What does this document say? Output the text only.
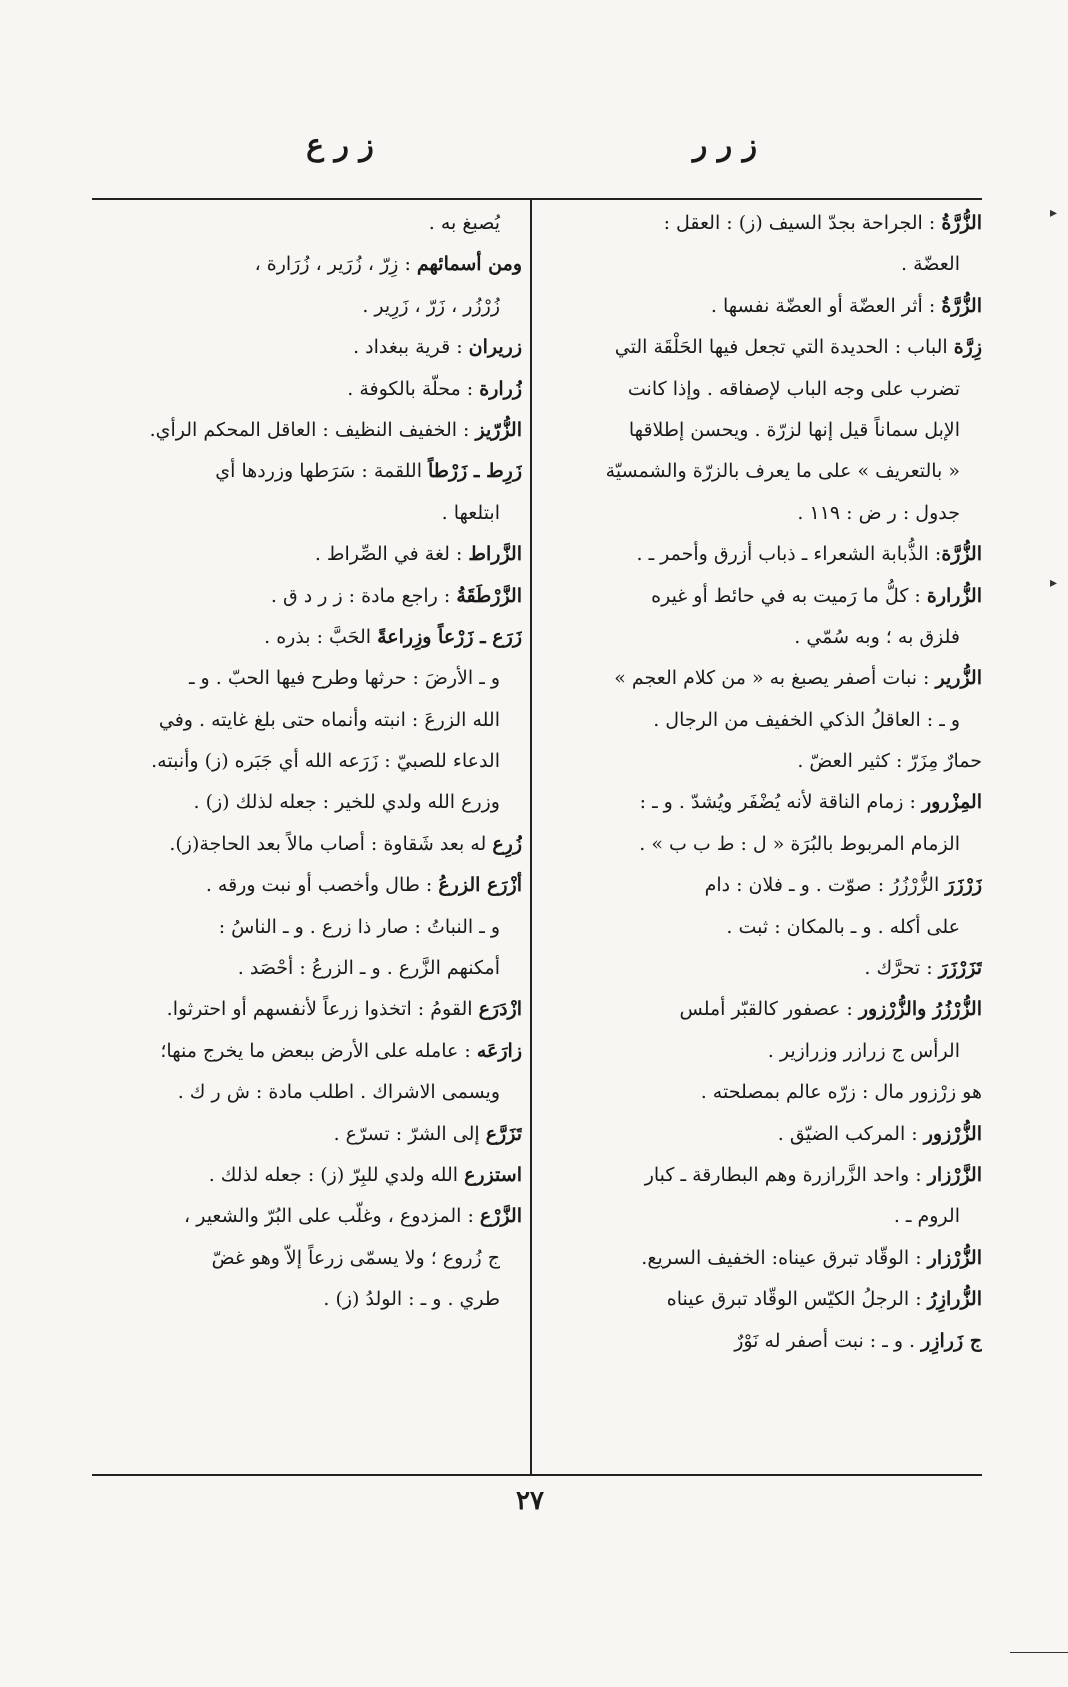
ز ر ر
ز ر ع
الزُّرَّةُ : الجراحة بجدّ السيف (ز) : العقل :
العضّة .
الزُّرَّةُ : أثر العضّة أو العضّة نفسها .
زِرَّة الباب : الحديدة التي تجعل فيها الحَلْقَة التي
تضرب على وجه الباب لإصفاقه . وإذا كانت
الإبل سماناً قيل إنها لزرّة . ويحسن إطلاقها
« بالتعريف » على ما يعرف بالزرّة والشمسيّة
جدول : ر ض : ١١٩ .
الزُّرَّة: الذُّبابة الشعراء ـ ذباب أزرق وأحمر ـ .
الزُّرارة : كلُّ ما رَميت به في حائط أو غيره
فلزق به ؛ وبه سُمّي .
الزُّرير : نبات أصفر يصبغ به « من كلام العجم »
و ـ : العاقلُ الذكي الخفيف من الرجال .
حمارٌ مِزَرّ : كثير العضّ .
المِزْرور : زمام الناقة لأنه يُضْفَر ويُشدّ . و ـ :
الزمام المربوط بالبُرَة « ل : ط ب ب » .
زَرْزَرَ الزُّرْزُرُ : صوّت . و ـ فلان : دام
على أكله . و ـ بالمكان : ثبت .
تَزَرْزَرَ : تحرَّك .
الزُّرْزُرُ والزُّرْزور : عصفور كالقبّر أملس
الرأس ج زرازر وزرازير .
هو زرْزور مال : زرّه عالم بمصلحته .
الزُّرْزور : المركب الضيّق .
الزَّرْزار : واحد الزَّرازرة وهم البطارقة ـ كبار
الروم ـ .
الزُّرْزار : الوقّاد تبرق عيناه: الخفيف السريع.
الزُّرازِرُ : الرجلُ الكيّس الوقّاد تبرق عيناه
ج زَرازِر . و ـ : نبت أصفر له نَوْرٌ
يُصبغ به .
ومن أسمائهم : زِرّ ، زُرَير ، زُرَارة ،
زُرْزُر ، زَرّ ، زَرِير .
زريران : قرية ببغداد .
زُرارة : محلّة بالكوفة .
الزُّرّيز : الخفيف النظيف : العاقل المحكم الرأي.
زَرِط ـ زَرْطاً اللقمة : سَرَطها وزردها أي
ابتلعها .
الزَّراط : لغة في الصِّراط .
الزَّرْطَقَةُ : راجع مادة : ز ر د ق .
زَرَع ـ زَرْعاً وزِراعةً الحَبَّ : بذره .
و ـ الأرضَ : حرثها وطرح فيها الحبّ . و ـ
الله الزرعَ : انبته وأنماه حتى بلغ غايته . وفي
الدعاء للصبيّ : زَرَعه الله أي جَبَره (ز) وأنبته.
وزرع الله ولدي للخير : جعله لذلك (ز) .
زُرِع له بعد شَقاوة : أصاب مالاً بعد الحاجة(ز).
أزْرَع الزرعُ : طال وأخصب أو نبت ورقه .
و ـ النباتُ : صار ذا زرع . و ـ الناسُ :
أمكنهم الزَّرع . و ـ الزرعُ : أحْصَد .
ازْدَرَع القومُ : اتخذوا زرعاً لأنفسهم أو احترثوا.
زارَعَه : عامله على الأرض ببعض ما يخرج منها؛
ويسمى الاشراك . اطلب مادة : ش ر ك .
تَزَرَّع إلى الشرّ : تسرّع .
استزرع الله ولدي للبِرّ (ز) : جعله لذلك .
الزَّرْع : المزدوع ، وغلّب على البُرّ والشعير ،
ج زُروع ؛ ولا يسمّى زرعاً إلاّ وهو غضّ
طري . و ـ : الولدُ (ز) .
٢٧
▸
▸
